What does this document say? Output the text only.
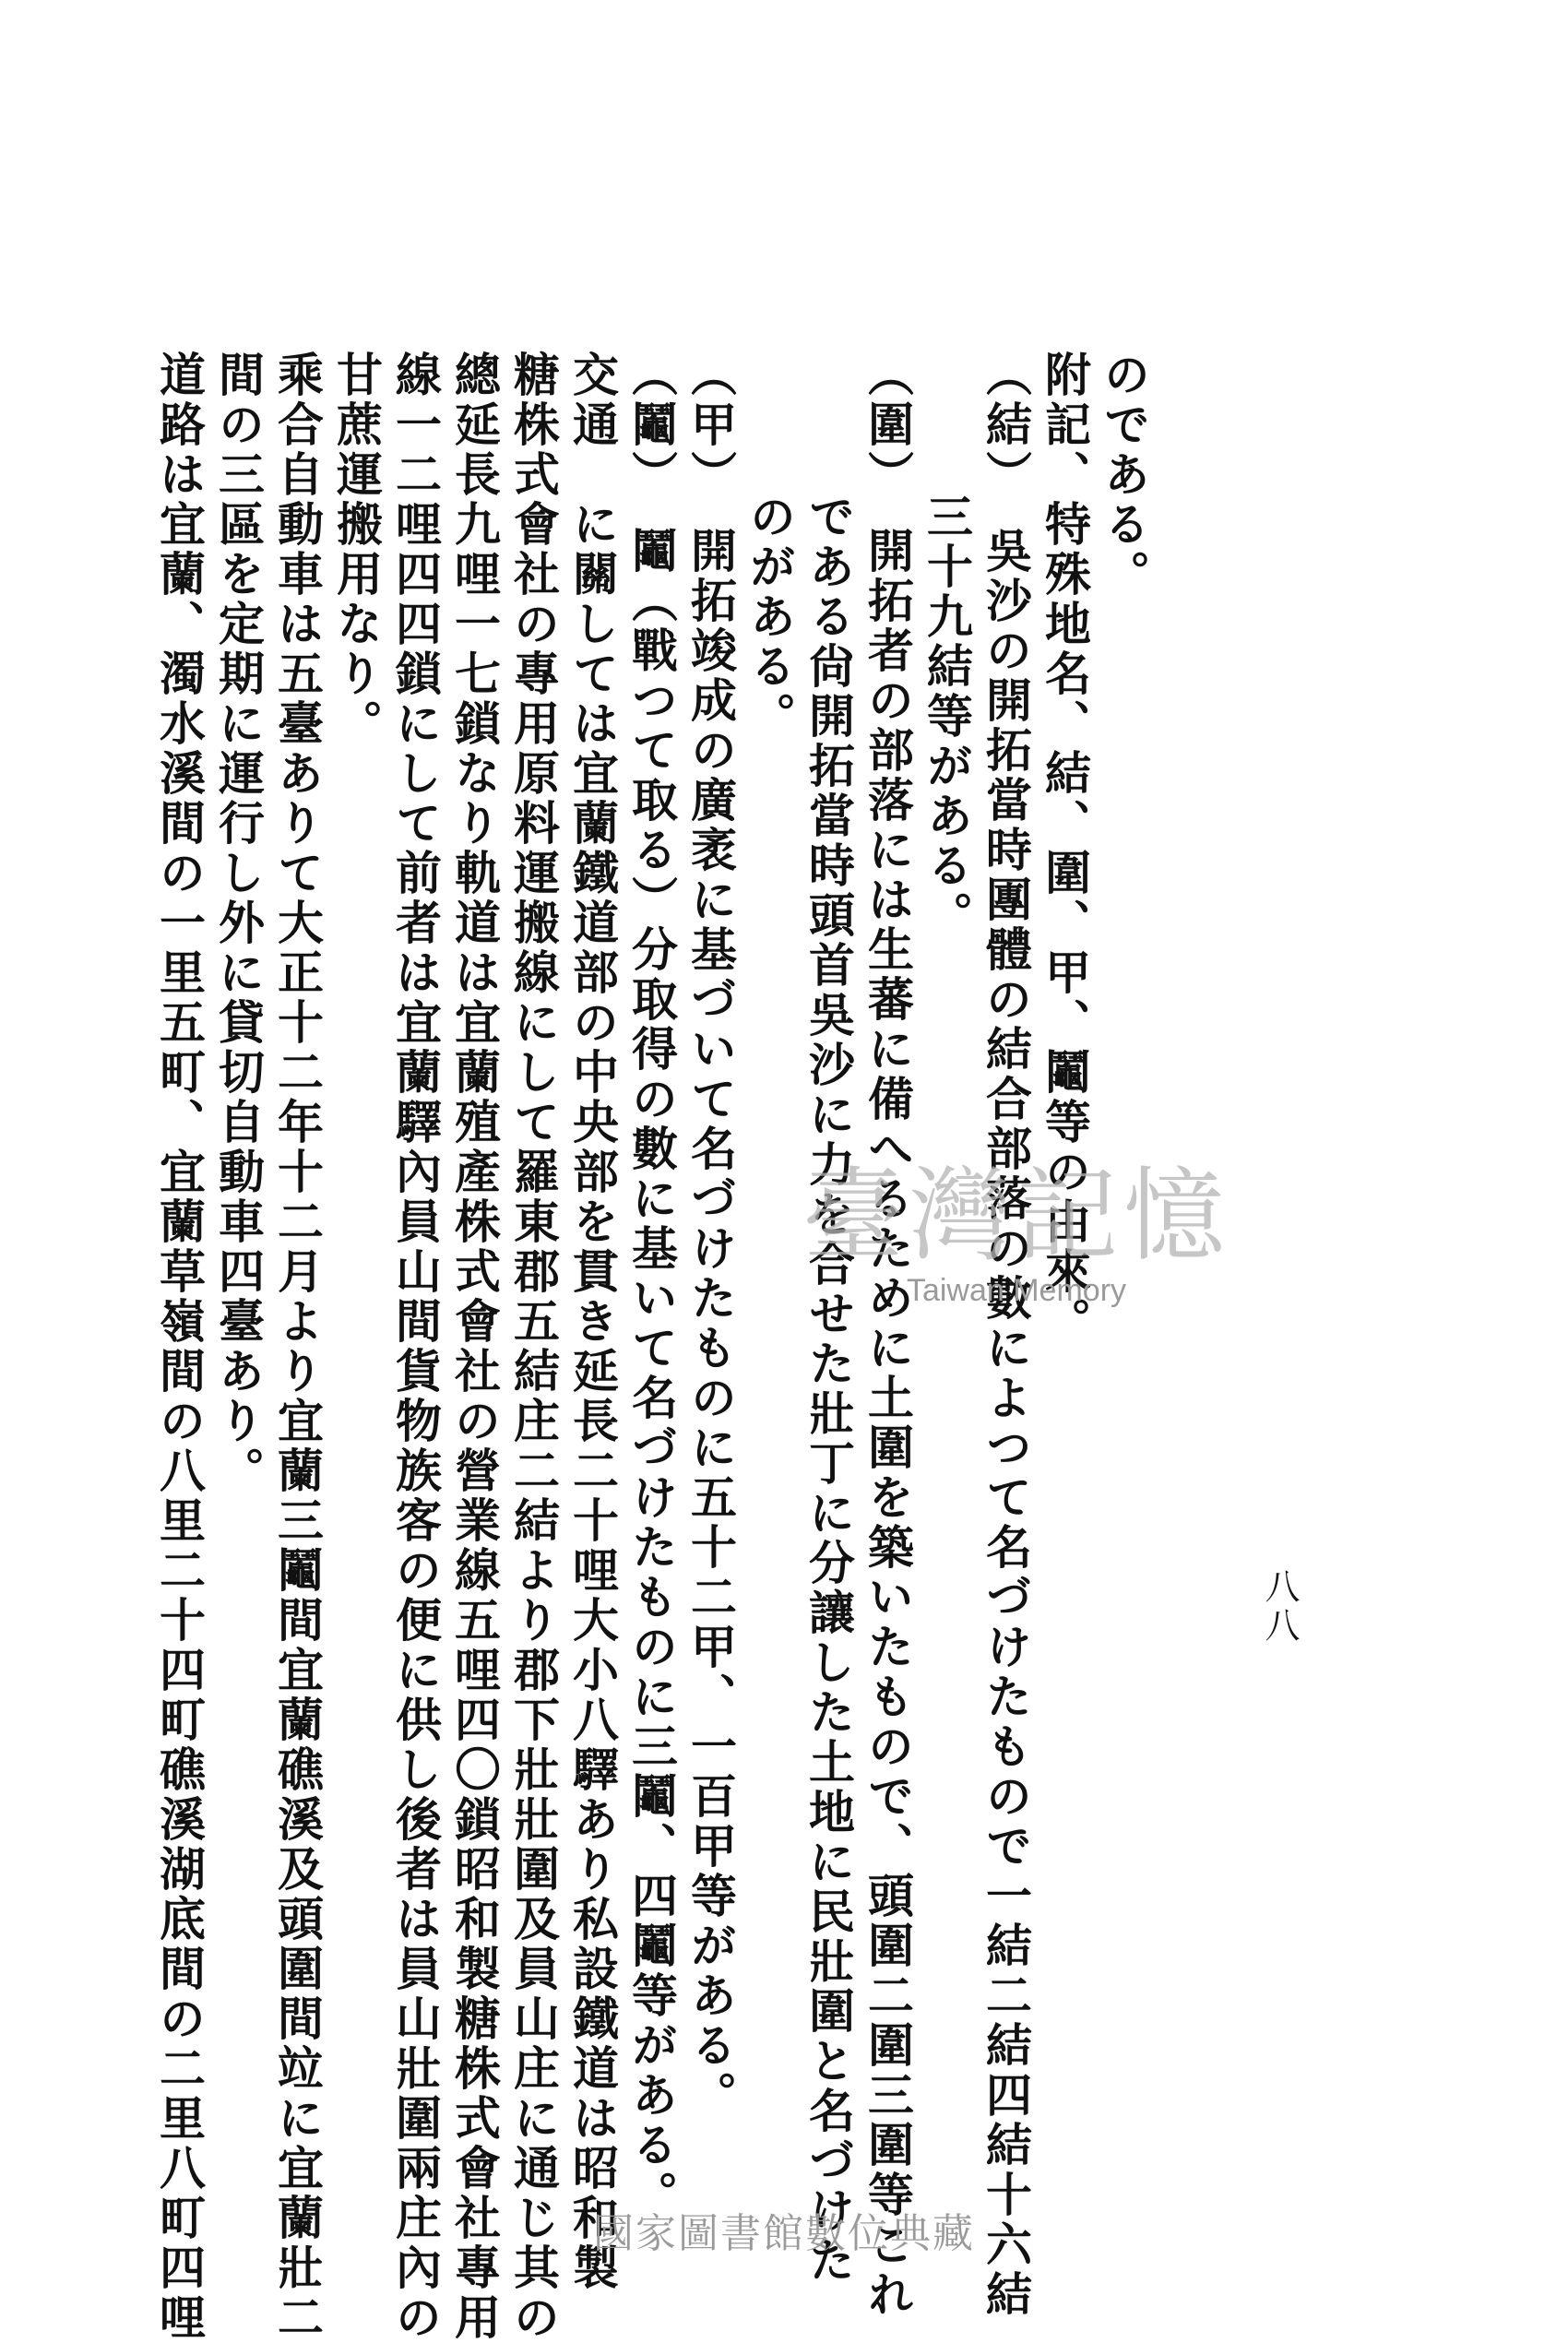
八八
のである。
附記、特殊地名、結、圍、甲、鬮等の由來。
（結）　吳沙の開拓當時團體の結合部落の數によつて名づけたもので一結二結四結十六結
三十九結等がある。
（圍）　開拓者の部落には生蕃に備へるために土圍を築いたもので、頭圍二圍三圍等これ
である尙開拓當時頭首吳沙に力を合せた壯丁に分讓した土地に民壯圍と名づけた
のがある。
（甲）　開拓竣成の廣袤に基づいて名づけたものに五十二甲、一百甲等がある。
（鬮）　鬮（戰つて取る）分取得の數に基いて名づけたものに三鬮、四鬮等がある。
交通　に關しては宜蘭鐵道部の中央部を貫き延長二十哩大小八驛あり私設鐵道は昭和製
糖株式會社の專用原料運搬線にして羅東郡五結庄二結より郡下壯壯圍及員山庄に通じ其の
總延長九哩一七鎖なり軌道は宜蘭殖產株式會社の營業線五哩四〇鎖昭和製糖株式會社專用
線一二哩四四鎖にして前者は宜蘭驛內員山間貨物族客の便に供し後者は員山壯圍兩庄內の
甘蔗運搬用なり。
乘合自動車は五臺ありて大正十二年十二月より宜蘭三鬮間宜蘭礁溪及頭圍間竝に宜蘭壯二
間の三區を定期に運行し外に貸切自動車四臺あり。
道路は宜蘭、濁水溪間の一里五町、宜蘭草嶺間の八里二十四町礁溪湖底間の二里八町四哩	臺灣記憶
Taiwan Memory
國家圖書館數位典藏
